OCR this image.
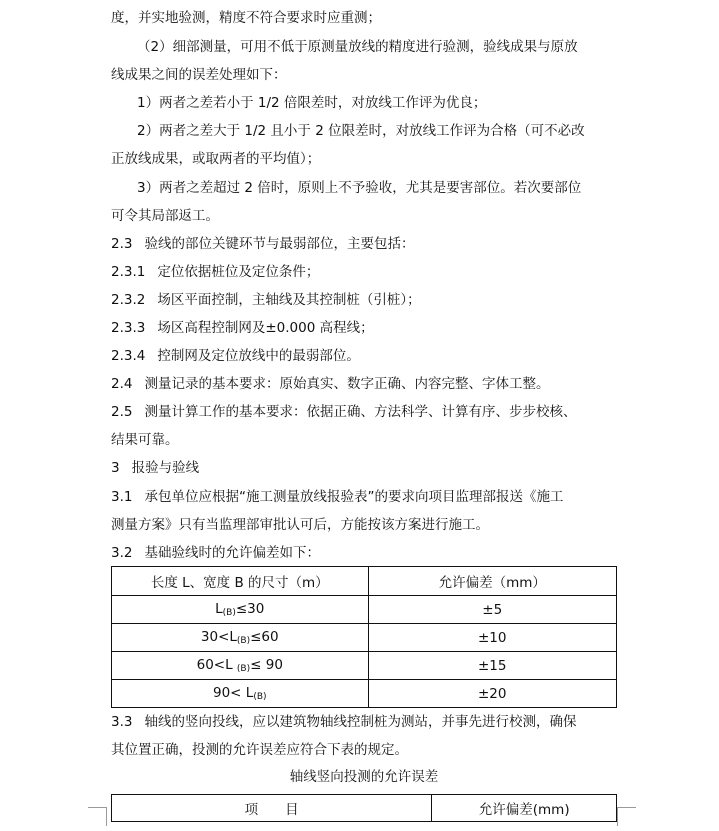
度，并实地验测，精度不符合要求时应重测；
（2）细部测量，可用不低于原测量放线的精度进行验测，验线成果与原放
线成果之间的误差处理如下：
1）两者之差若小于 1/2 倍限差时，对放线工作评为优良；
2）两者之差大于 1/2 且小于 2 位限差时，对放线工作评为合格（可不必改
正放线成果，或取两者的平均值）；
3）两者之差超过 2 倍时，原则上不予验收，尤其是要害部位。若次要部位
可令其局部返工。
2.3 验线的部位关键环节与最弱部位，主要包括：
2.3.1 定位依据桩位及定位条件；
2.3.2 场区平面控制，主轴线及其控制桩（引桩）；
2.3.3 场区高程控制网及±0.000 高程线；
2.3.4 控制网及定位放线中的最弱部位。
2.4 测量记录的基本要求：原始真实、数字正确、内容完整、字体工整。
2.5 测量计算工作的基本要求：依据正确、方法科学、计算有序、步步校核、
结果可靠。
3 报验与验线
3.1 承包单位应根据“施工测量放线报验表”的要求向项目监理部报送《施工
测量方案》只有当监理部审批认可后，方能按该方案进行施工。
3.2 基础验线时的允许偏差如下：
长度 L、宽度 B 的尺寸（m）	允许偏差（mm）
$L_{(B)}\le 30$	±5
$30<L_{(B)}\le 60$	±10
60<L $_{(B)}$≤ 90	±15
$90< L_{(B)}$	±20
3.3 轴线的竖向投线，应以建筑物轴线控制桩为测站，并事先进行校测，确保
其位置正确，投测的允许误差应符合下表的规定。
轴线竖向投测的允许误差
项　　目	允许偏差(mm)
